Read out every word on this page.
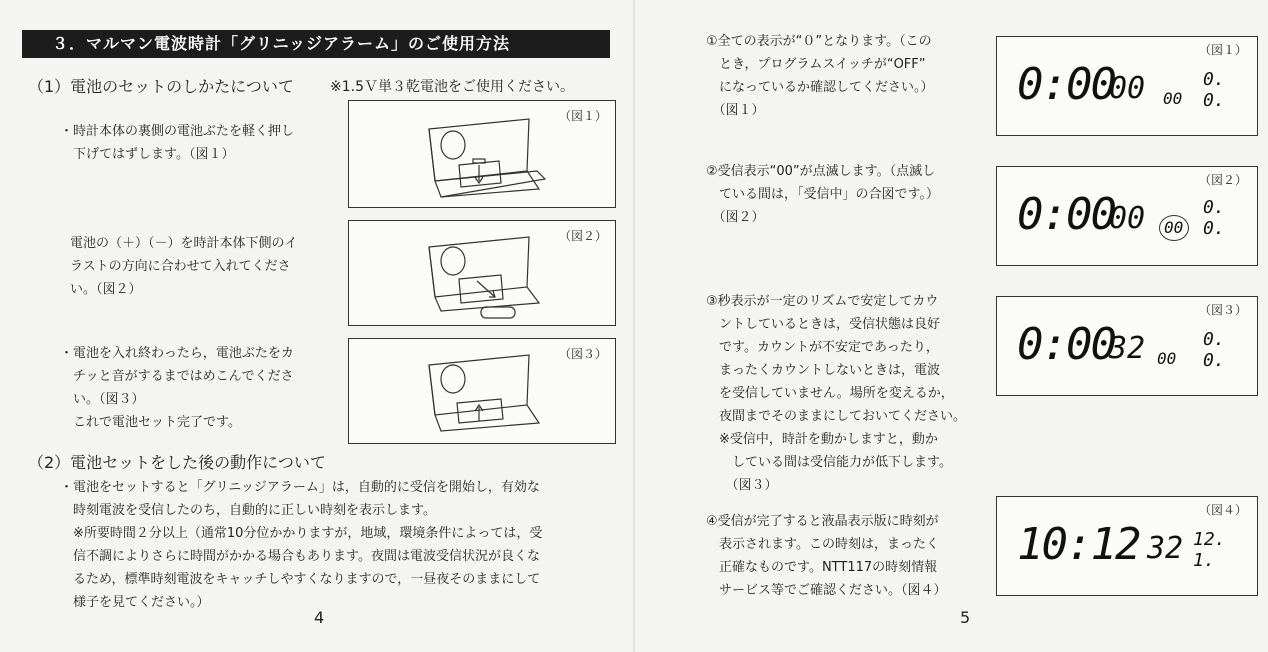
３．マルマン電波時計「グリニッジアラーム」のご使用方法
（1）電池のセットのしかたについて	※1.5Ｖ単３乾電池をご使用ください。
・時計本体の裏側の電池ぶたを軽く押し
　下げてはずします。（図１）
電池の（＋）（－）を時計本体下側のイ
ラストの方向に合わせて入れてくださ
い。（図２）
・電池を入れ終わったら，電池ぶたをカ
　チッと音がするまではめこんでくださ
　い。（図３）
　これで電池セット完了です。
（図１）
（図２）
（図３）
（2）電池セットをした後の動作について
・電池をセットすると「グリニッジアラーム」は，自動的に受信を開始し，有効な
　時刻電波を受信したのち，自動的に正しい時刻を表示します。
　※所要時間２分以上（通常10分位かかりますが，地域，環境条件によっては，受
　信不調によりさらに時間がかかる場合もあります。夜間は電波受信状況が良くな
　るため，標準時刻電波をキャッチしやすくなりますので，一昼夜そのままにして
　様子を見てください。）
4
①全ての表示が“０”となります。（この
　とき，プログラムスイッチが“OFF”
　になっているか確認してください。）
　（図１）
②受信表示“00”が点滅します。（点滅し
　ている間は，「受信中」の合図です。）
　（図２）
③秒表示が一定のリズムで安定してカウ
　ントしているときは，受信状態は良好
　です。カウントが不安定であったり，
　まったくカウントしないときは，電波
　を受信していません。場所を変えるか，
　夜間までそのままにしておいてください。
　※受信中，時計を動かしますと，動か
　　している間は受信能力が低下します。
　　（図３）
④受信が完了すると液晶表示版に時刻が
　表示されます。この時刻は，まったく
　正確なものです。NTT117の時刻情報
　サービス等でご確認ください。（図４）
（図１）
0:00
00 00
0. 0.
（図２）
0:00
00 00
0. 0.
（図３）
0:00
32 00
0. 0.
（図４）
10:12 32 12. 1.
5
